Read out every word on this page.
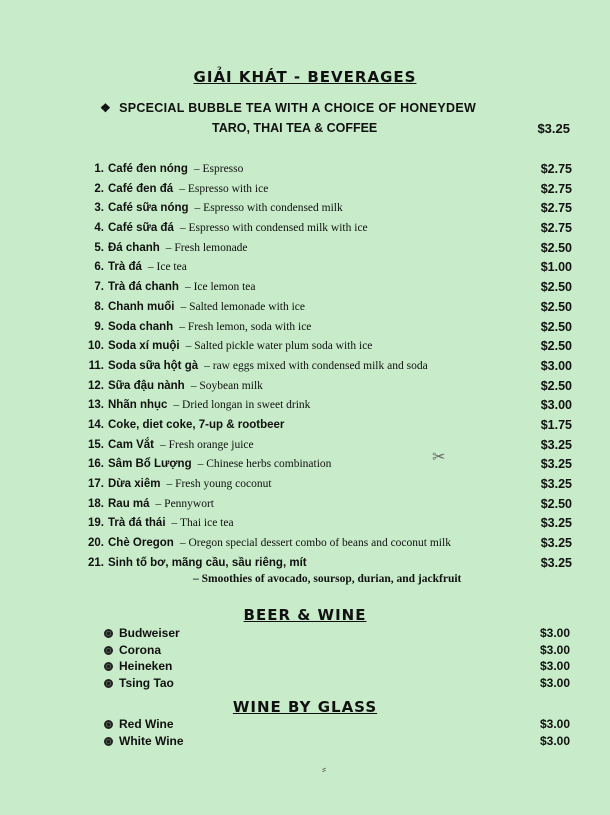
GIẢI KHÁT - BEVERAGES
❖ SPCECIAL BUBBLE TEA WITH A CHOICE OF HONEYDEW
TARO, THAI TEA & COFFEE	$3.25
1. Café đen nóng – Espresso	$2.75
2. Café đen đá – Espresso with ice	$2.75
3. Café sữa nóng – Espresso with condensed milk	$2.75
4. Café sữa đá – Espresso with condensed milk with ice	$2.75
5. Đá chanh – Fresh lemonade	$2.50
6. Trà đá – Ice tea	$1.00
7. Trà đá chanh – Ice lemon tea	$2.50
8. Chanh muối – Salted lemonade with ice	$2.50
9. Soda chanh – Fresh lemon, soda with ice	$2.50
10. Soda xí muội – Salted pickle water plum soda with ice	$2.50
11. Soda sữa hột gà – raw eggs mixed with condensed milk and soda	$3.00
12. Sữa đậu nành – Soybean milk	$2.50
13. Nhãn nhục – Dried longan in sweet drink	$3.00
14. Coke, diet coke, 7-up & rootbeer	$1.75
15. Cam Vắt – Fresh orange juice	$3.25
16. Sâm Bổ Lượng – Chinese herbs combination	$3.25
17. Dừa xiêm – Fresh young coconut	$3.25
18. Rau má – Pennywort	$2.50
19. Trà đá thái – Thai ice tea	$3.25
20. Chè Oregon – Oregon special dessert combo of beans and coconut milk	$3.25
21. Sinh tố bơ, mãng cầu, sầu riêng, mít	$3.25
– Smoothies of avocado, soursop, durian, and jackfruit
✂
BEER & WINE
Budweiser	$3.00
Corona	$3.00
Heineken	$3.00
Tsing Tao	$3.00
WINE BY GLASS
Red Wine	$3.00
White Wine	$3.00
⸗
